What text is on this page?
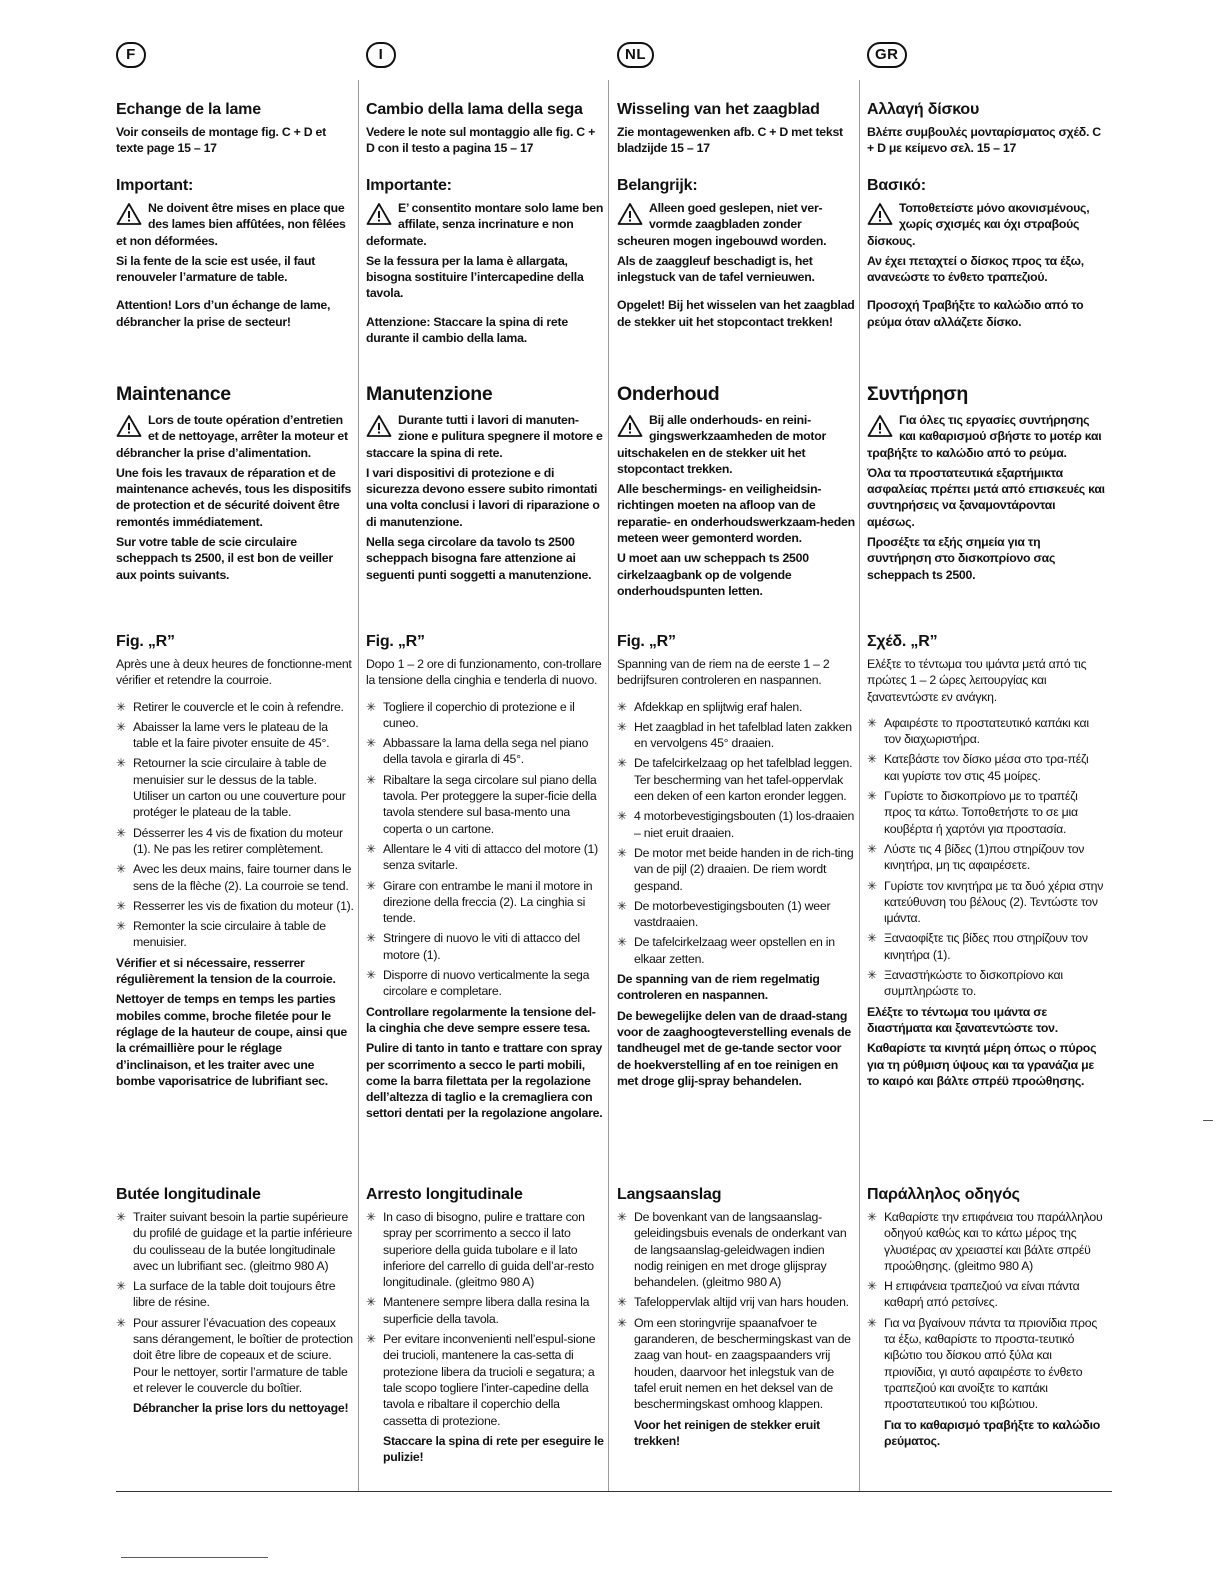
F
Echange de la lame
Voir conseils de montage fig. C + D et texte page 15 – 17
Important:
Ne doivent être mises en place que des lames bien affûtées, non fêlées et non déformées.
Si la fente de la scie est usée, il faut renouveler l’armature de table.
Attention! Lors d’un échange de lame, débrancher la prise de secteur!
Maintenance
Lors de toute opération d’entretien et de nettoyage, arrêter la moteur et débrancher la prise d’alimentation.
Une fois les travaux de réparation et de maintenance achevés, tous les dispositifs de protection et de sécurité doivent être remontés immédiatement.
Sur votre table de scie circulaire scheppach ts 2500, il est bon de veiller aux points suivants.
Fig. „R”
Après une à deux heures de fonctionne-ment vérifier et retendre la courroie.
✳ Retirer le couvercle et le coin à refendre.
✳ Abaisser la lame vers le plateau de la table et la faire pivoter ensuite de 45°.
✳ Retourner la scie circulaire à table de menuisier sur le dessus de la table. Utiliser un carton ou une couverture pour protéger le plateau de la table.
✳ Désserrer les 4 vis de fixation du moteur (1). Ne pas les retirer complètement.
✳ Avec les deux mains, faire tourner dans le sens de la flèche (2). La courroie se tend.
✳ Resserrer les vis de fixation du moteur (1).
✳ Remonter la scie circulaire à table de menuisier.
Vérifier et si nécessaire, resserrer régulièrement la tension de la courroie.
Nettoyer de temps en temps les parties mobiles comme, broche filetée pour le réglage de la hauteur de coupe, ainsi que la crémaillière pour le réglage d’inclinaison, et les traiter avec une bombe vaporisatrice de lubrifiant sec.
Butée longitudinale
✳ Traiter suivant besoin la partie supérieure du profilé de guidage et la partie inférieure du coulisseau de la butée longitudinale avec un lubrifiant sec. (gleitmo 980 A)
✳ La surface de la table doit toujours être libre de résine.
✳ Pour assurer l’évacuation des copeaux sans dérangement, le boîtier de protection doit être libre de copeaux et de sciure. Pour le nettoyer, sortir l’armature de table et relever le couvercle du boîtier.
Débrancher la prise lors du nettoyage!
I
Cambio della lama della sega
Vedere le note sul montaggio alle fig. C + D con il testo a pagina 15 – 17
Importante:
E’ consentito montare solo lame ben affilate, senza incrinature e non deformate.
Se la fessura per la lama è allargata, bisogna sostituire l’intercapedine della tavola.
Attenzione: Staccare la spina di rete durante il cambio della lama.
Manutenzione
Durante tutti i lavori di manuten-zione e pulitura spegnere il motore e staccare la spina di rete.
I vari dispositivi di protezione e di sicurezza devono essere subito rimontati una volta conclusi i lavori di riparazione o di manutenzione.
Nella sega circolare da tavolo ts 2500 scheppach bisogna fare attenzione ai seguenti punti soggetti a manutenzione.
Fig. „R”
Dopo 1 – 2 ore di funzionamento, con-trollare la tensione della cinghia e tenderla di nuovo.
✳ Togliere il coperchio di protezione e il cuneo.
✳ Abbassare la lama della sega nel piano della tavola e girarla di 45°.
✳ Ribaltare la sega circolare sul piano della tavola. Per proteggere la super-ficie della tavola stendere sul basa-mento una coperta o un cartone.
✳ Allentare le 4 viti di attacco del motore (1) senza svitarle.
✳ Girare con entrambe le mani il motore in direzione della freccia (2). La cinghia si tende.
✳ Stringere di nuovo le viti di attacco del motore (1).
✳ Disporre di nuovo verticalmente la sega circolare e completare.
Controllare regolarmente la tensione del-la cinghia che deve sempre essere tesa.
Pulire di tanto in tanto e trattare con spray per scorrimento a secco le parti mobili, come la barra filettata per la regolazione dell’altezza di taglio e la cremagliera con settori dentati per la regolazione angolare.
Arresto longitudinale
✳ In caso di bisogno, pulire e trattare con spray per scorrimento a secco il lato superiore della guida tubolare e il lato inferiore del carrello di guida dell’ar-resto longitudinale. (gleitmo 980 A)
✳ Mantenere sempre libera dalla resina la superficie della tavola.
✳ Per evitare inconvenienti nell’espul-sione dei trucioli, mantenere la cas-setta di protezione libera da trucioli e segatura; a tale scopo togliere l’inter-capedine della tavola e ribaltare il coperchio della cassetta di protezione.
Staccare la spina di rete per eseguire le pulizie!
NL
Wisseling van het zaagblad
Zie montagewenken afb. C + D met tekst bladzijde 15 – 17
Belangrijk:
Alleen goed geslepen, niet ver-vormde zaagbladen zonder scheuren mogen ingebouwd worden.
Als de zaaggleuf beschadigt is, het inlegstuck van de tafel vernieuwen.
Opgelet! Bij het wisselen van het zaagblad de stekker uit het stopcontact trekken!
Onderhoud
Bij alle onderhouds- en reini-gingswerkzaamheden de motor uitschakelen en de stekker uit het stopcontact trekken.
Alle beschermings- en veiligheidsin-richtingen moeten na afloop van de reparatie- en onderhoudswerkzaam-heden meteen weer gemonterd worden.
U moet aan uw scheppach ts 2500 cirkelzaagbank op de volgende onderhoudspunten letten.
Fig. „R”
Spanning van de riem na de eerste 1 – 2 bedrijfsuren controleren en naspannen.
✳ Afdekkap en splijtwig eraf halen.
✳ Het zaagblad in het tafelblad laten zakken en vervolgens 45° draaien.
✳ De tafelcirkelzaag op het tafelblad leggen. Ter bescherming van het tafel-oppervlak een deken of een karton eronder leggen.
✳ 4 motorbevestigingsbouten (1) los-draaien – niet eruit draaien.
✳ De motor met beide handen in de rich-ting van de pijl (2) draaien. De riem wordt gespand.
✳ De motorbevestigingsbouten (1) weer vastdraaien.
✳ De tafelcirkelzaag weer opstellen en in elkaar zetten.
De spanning van de riem regelmatig controleren en naspannen.
De bewegelijke delen van de draad-stang voor de zaaghoogteverstelling evenals de tandheugel met de ge-tande sector voor de hoekverstelling af en toe reinigen en met droge glij-spray behandelen.
Langsaanslag
✳ De bovenkant van de langsaanslag-geleidingsbuis evenals de onderkant van de langsaanslag-geleidwagen indien nodig reinigen en met droge glijspray behandelen. (gleitmo 980 A)
✳ Tafeloppervlak altijd vrij van hars houden.
✳ Om een storingvrije spaanafvoer te garanderen, de beschermingskast van de zaag van hout- en zaagspaanders vrij houden, daarvoor het inlegstuk van de tafel eruit nemen en het deksel van de beschermingskast omhoog klappen.
Voor het reinigen de stekker eruit trekken!
GR
Αλλαγή δίσκου
Βλέπε συμβουλές μονταρίσματος σχέδ. C + D με κείμενο σελ. 15 – 17
Βασικό:
Τοποθετείστε μόνο ακονισμένους, χωρίς σχισμές και όχι στραβούς δίσκους.
Αν έχει πεταχτεί ο δίσκος προς τα έξω, ανανεώστε το ένθετο τραπεζιού.
Προσοχή Τραβήξτε το καλώδιο από το ρεύμα όταν αλλάζετε δίσκο.
Συντήρηση
Για όλες τις εργασίες συντήρησης και καθαρισμού σβήστε το μοτέρ και τραβήξτε το καλώδιο από το ρεύμα.
Όλα τα προστατευτικά εξαρτήμικτα ασφαλείας πρέπει μετά από επισκευές και συντηρήσεις να ξαναμοντάρονται αμέσως.
Προσέξτε τα εξής σημεία για τη συντήρηση στο δισκοπρίονο σας scheppach ts 2500.
Σχέδ. „R”
Ελέξτε το τέντωμα του ιμάντα μετά από τις πρώτες 1 – 2 ώρες λειτουργίας και ξανατεντώστε εν ανάγκη.
✳ Αφαιρέστε το προστατευτικό καπάκι και τον διαχωριστήρα.
✳ Κατεβάστε τον δίσκο μέσα στο τρα-πέζι και γυρίστε τον στις 45 μοίρες.
✳ Γυρίστε το δισκοπρίονο με το τραπέζι προς τα κάτω. Τοποθετήστε το σε μια κουβέρτα ή χαρτόνι για προστασία.
✳ Λύστε τις 4 βίδες (1)που στηρίζουν τον κινητήρα, μη τις αφαιρέσετε.
✳ Γυρίστε τον κινητήρα με τα δυό χέρια στην κατεύθυνση του βέλους (2). Τεντώστε τον ιμάντα.
✳ Ξαναοφίξτε τις βίδες που στηρίζουν τον κινητήρα (1).
✳ Ξαναστήκώστε το δισκοπρίονο και συμπληρώστε το.
Ελέξτε το τέντωμα του ιμάντα σε διαστήματα και ξανατεντώστε τον.
Καθαρίστε τα κινητά μέρη όπως ο πύρος για τη ρύθμιση ύψους και τα γρανάζια με το καιρό και βάλτε σπρέϋ προώθησης.
Παράλληλος οδηγός
✳ Καθαρίστε την επιφάνεια του παράλληλου οδηγού καθώς και το κάτω μέρος της γλυσιέρας αν χρειαστεί και βάλτε σπρέϋ προώθησης. (gleitmo 980 A)
✳ Η επιφάνεια τραπεζιού να είναι πάντα καθαρή από ρετσίνες.
✳ Για να βγαίνουν πάντα τα πριονίδια προς τα έξω, καθαρίστε το προστα-τευτικό κιβώτιο του δίσκου από ξύλα και πριονίδια, γι αυτό αφαιρέστε το ένθετο τραπεζιού και ανοίξτε το καπάκι προστατευτικού του κιβώτιου.
Για το καθαρισμό τραβήξτε το καλώδιο ρεύματος.
